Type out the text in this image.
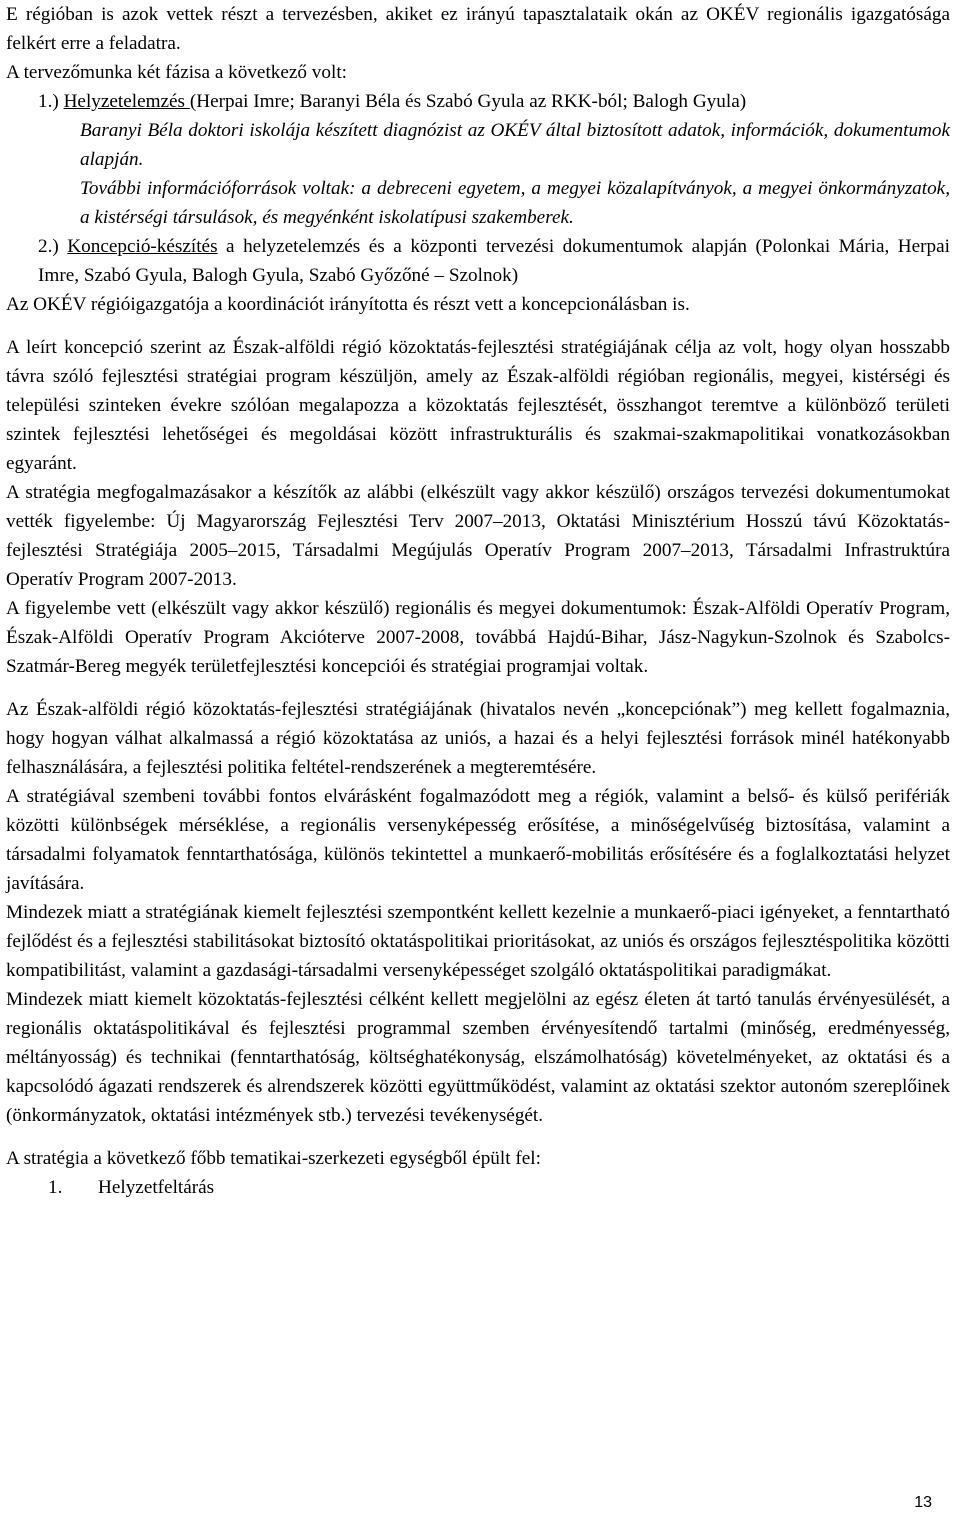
E régióban is azok vettek részt a tervezésben, akiket ez irányú tapasztalataik okán az OKÉV regionális igazgatósága felkért erre a feladatra.

A tervezőmunka két fázisa a következő volt:

1.) Helyzetelemzés (Herpai Imre; Baranyi Béla és Szabó Gyula az RKK-ból; Balogh Gyula)

Baranyi Béla doktori iskolája készített diagnózist az OKÉV által biztosított adatok, információk, dokumentumok alapján.

További információforrások voltak: a debreceni egyetem, a megyei közalapítványok, a megyei önkormányzatok, a kistérségi társulások, és megyénként iskolatípusi szakemberek.

2.) Koncepció-készítés a helyzetelemzés és a központi tervezési dokumentumok alapján (Polonkai Mária, Herpai Imre, Szabó Gyula, Balogh Gyula, Szabó Győzőné – Szolnok)

Az OKÉV régióigazgatója a koordinációt irányította és részt vett a koncepcionálásban is.

A leírt koncepció szerint az Észak-alföldi régió közoktatás-fejlesztési stratégiájának célja az volt, hogy olyan hosszabb távra szóló fejlesztési stratégiai program készüljön, amely az Észak-alföldi régióban regionális, megyei, kistérségi és települési szinteken évekre szólóan megalapozza a közoktatás fejlesztését, összhangot teremtve a különböző területi szintek fejlesztési lehetőségei és megoldásai között infrastrukturális és szakmai-szakmapolitikai vonatkozásokban egyaránt.

A stratégia megfogalmazásakor a készítők az alábbi (elkészült vagy akkor készülő) országos tervezési dokumentumokat vették figyelembe: Új Magyarország Fejlesztési Terv 2007–2013, Oktatási Minisztérium Hosszú távú Közoktatás-fejlesztési Stratégiája 2005–2015, Társadalmi Megújulás Operatív Program 2007–2013, Társadalmi Infrastruktúra Operatív Program 2007-2013.

A figyelembe vett (elkészült vagy akkor készülő) regionális és megyei dokumentumok: Észak-Alföldi Operatív Program, Észak-Alföldi Operatív Program Akcióterve 2007-2008, továbbá Hajdú-Bihar, Jász-Nagykun-Szolnok és Szabolcs-Szatmár-Bereg megyék területfejlesztési koncepciói és stratégiai programjai voltak.

Az Észak-alföldi régió közoktatás-fejlesztési stratégiájának (hivatalos nevén „koncepciónak”) meg kellett fogalmaznia, hogy hogyan válhat alkalmassá a régió közoktatása az uniós, a hazai és a helyi fejlesztési források minél hatékonyabb felhasználására, a fejlesztési politika feltétel-rendszerének a megteremtésére.

A stratégiával szembeni további fontos elvárásként fogalmazódott meg a régiók, valamint a belső- és külső perifériák közötti különbségek mérséklése, a regionális versenyképesség erősítése, a minőségelvűség biztosítása, valamint a társadalmi folyamatok fenntarthatósága, különös tekintettel a munkaerő-mobilitás erősítésére és a foglalkoztatási helyzet javítására.

Mindezek miatt a stratégiának kiemelt fejlesztési szempontként kellett kezelnie a munkaerő-piaci igényeket, a fenntartható fejlődést és a fejlesztési stabilitásokat biztosító oktatáspolitikai prioritásokat, az uniós és országos fejlesztéspolitika közötti kompatibilitást, valamint a gazdasági-társadalmi versenyképességet szolgáló oktatáspolitikai paradigmákat.

Mindezek miatt kiemelt közoktatás-fejlesztési célként kellett megjelölni az egész életen át tartó tanulás érvényesülését, a regionális oktatáspolitikával és fejlesztési programmal szemben érvényesítendő tartalmi (minőség, eredményesség, méltányosság) és technikai (fenntarthatóság, költséghatékonyság, elszámolhatóság) követelményeket, az oktatási és a kapcsolódó ágazati rendszerek és alrendszerek közötti együttműködést, valamint az oktatási szektor autonóm szereplőinek (önkormányzatok, oktatási intézmények stb.) tervezési tevékenységét.

A stratégia a következő főbb tematikai-szerkezeti egységből épült fel:

1. Helyzetfeltárás

13
